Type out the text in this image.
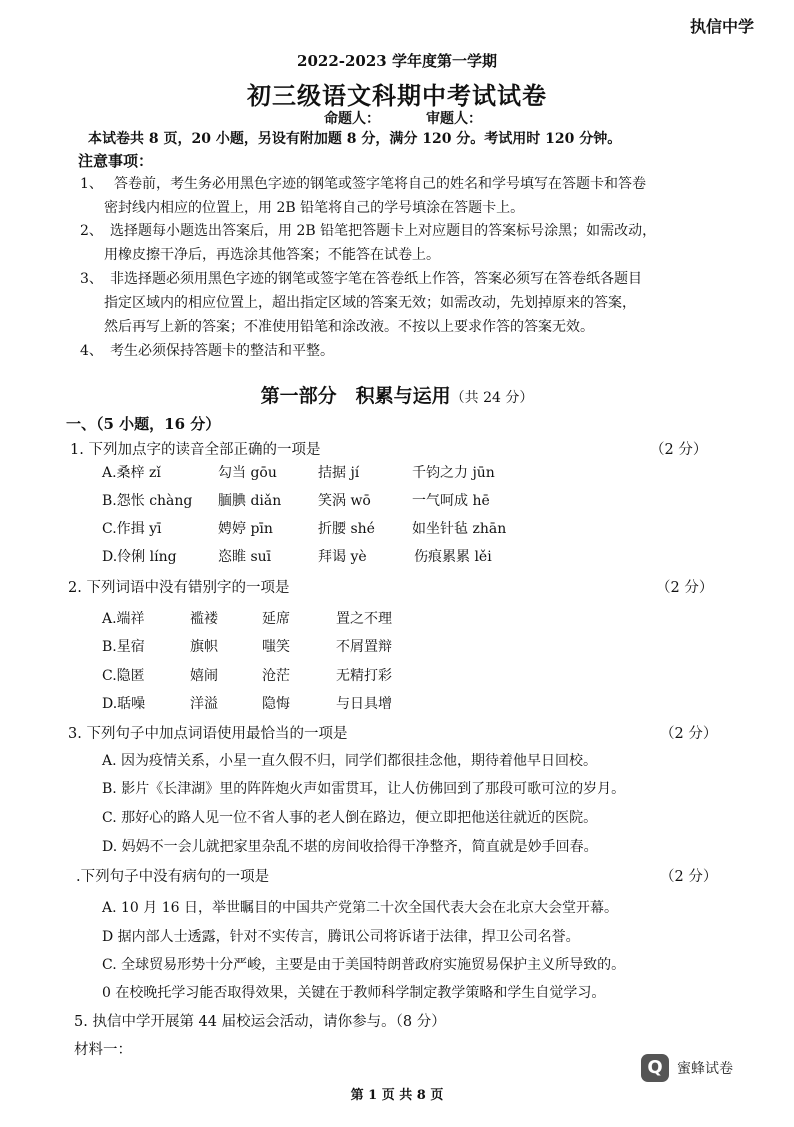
执信中学
2022-2023 学年度第一学期
初三级语文科期中考试试卷
命题人：	审题人：
本试卷共 8 页，20 小题，另设有附加题 8 分，满分 120 分。考试用时 120 分钟。
注意事项：
1、 答卷前，考生务必用黑色字迹的钢笔或签字笔将自己的姓名和学号填写在答题卡和答卷
密封线内相应的位置上，用 2B 铅笔将自己的学号填涂在答题卡上。
2、 选择题每小题选出答案后，用 2B 铅笔把答题卡上对应题目的答案标号涂黑；如需改动，
用橡皮擦干净后，再选涂其他答案；不能答在试卷上。
3、 非选择题必须用黑色字迹的钢笔或签字笔在答卷纸上作答，答案必须写在答卷纸各题目
指定区域内的相应位置上，超出指定区域的答案无效；如需改动，先划掉原来的答案，
然后再写上新的答案；不准使用铅笔和涂改液。不按以上要求作答的答案无效。
4、 考生必须保持答题卡的整洁和平整。
第一部分　积累与运用（共 24 分）
一、（5 小题，16 分）
1. 下列加点字的读音全部正确的一项是	（2 分）
A.桑梓 zǐ	勾当 gōu	拮据 jí	千钧之力 jūn
B.怨怅 chàng 腼腆 diǎn	笑涡 wō	一气呵成 hē
C.作揖 yī	娉婷 pīn	折腰 shé	如坐针毡 zhān
D.伶俐 líng	恣睢 suī	拜谒 yè	伤痕累累 lěi
2. 下列词语中没有错别字的一项是	（2 分）
A.端祥	褴褛	延席	置之不理
B.星宿	旗帜	嗤笑	不屑置辩
C.隐匿	嬉闹	沧茫	无精打彩
D.聒噪	洋溢	隐悔	与日具增
3. 下列句子中加点词语使用最恰当的一项是	（2 分）
A. 因为疫情关系，小星一直久假不归，同学们都很挂念他，期待着他早日回校。
B. 影片《长津湖》里的阵阵炮火声如雷贯耳，让人仿佛回到了那段可歌可泣的岁月。
C. 那好心的路人见一位不省人事的老人倒在路边，便立即把他送往就近的医院。
D. 妈妈不一会儿就把家里杂乱不堪的房间收拾得干净整齐，简直就是妙手回春。
.下列句子中没有病句的一项是	（2 分）
A. 10 月 16 日，举世瞩目的中国共产党第二十次全国代表大会在北京大会堂开幕。
D 据内部人士透露，针对不实传言，腾讯公司将诉诸于法律，捍卫公司名誉。
C. 全球贸易形势十分严峻，主要是由于美国特朗普政府实施贸易保护主义所导致的。
0 在校晚托学习能否取得效果，关键在于教师科学制定教学策略和学生自觉学习。
5. 执信中学开展第 44 届校运会活动，请你参与。（8 分）
材料一：
Q	蜜蜂试卷
第 1 页 共 8 页
